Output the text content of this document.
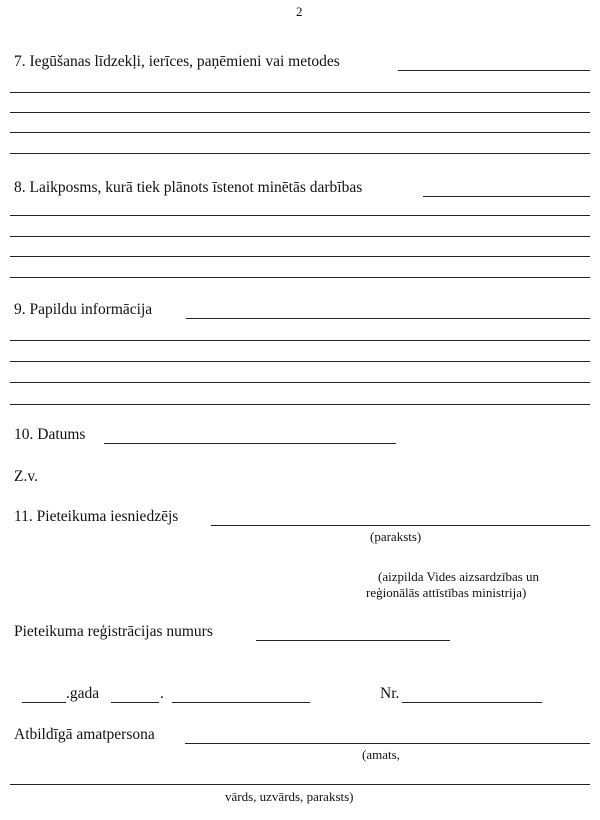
2
7. Iegūšanas līdzekļi, ierīces, paņēmieni vai metodes
8. Laikposms, kurā tiek plānots īstenot minētās darbības
9. Papildu informācija
10. Datums
Z.v.
11. Pieteikuma iesniedzējs
(paraksts)
(aizpilda Vides aizsardzības un
reģionālās attīstības ministrija)
Pieteikuma reģistrācijas numurs
.gada	.	Nr.
Atbildīgā amatpersona
(amats,
vārds, uzvārds, paraksts)
